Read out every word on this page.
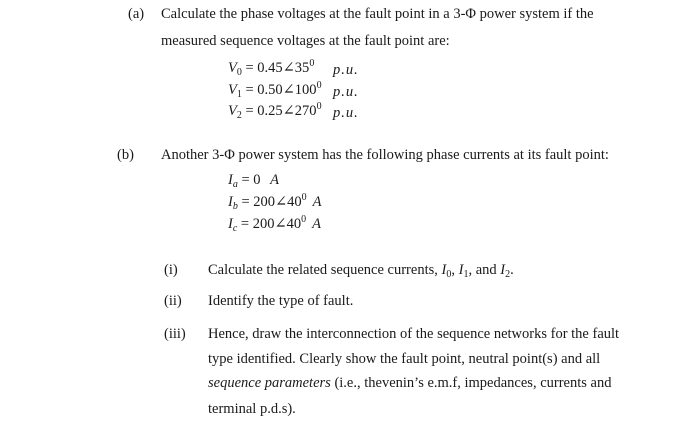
(a) Calculate the phase voltages at the fault point in a 3-Φ power system if the
measured sequence voltages at the fault point are:
$V_0$ = $0.45\angle 35^0$ p.u.
$V_1$ = $0.50\angle 100^0$ p.u.
$V_2$ = $0.25\angle 270^0$ p.u.
(b) Another 3-Φ power system has the following phase currents at its fault point:
$I_a = 0$ A
$I_b$ = $200\angle 40^0$ A
$I_c$ = $200\angle 40^0$ A
(i) Calculate the related sequence currents, $I_0$, $I_1$, and $I_2$.
(ii) Identify the type of fault.
(iii) Hence, draw the interconnection of the sequence networks for the fault
type identified. Clearly show the fault point, neutral point(s) and all
sequence parameters (i.e., thevenin’s e.m.f, impedances, currents and
terminal p.d.s).
